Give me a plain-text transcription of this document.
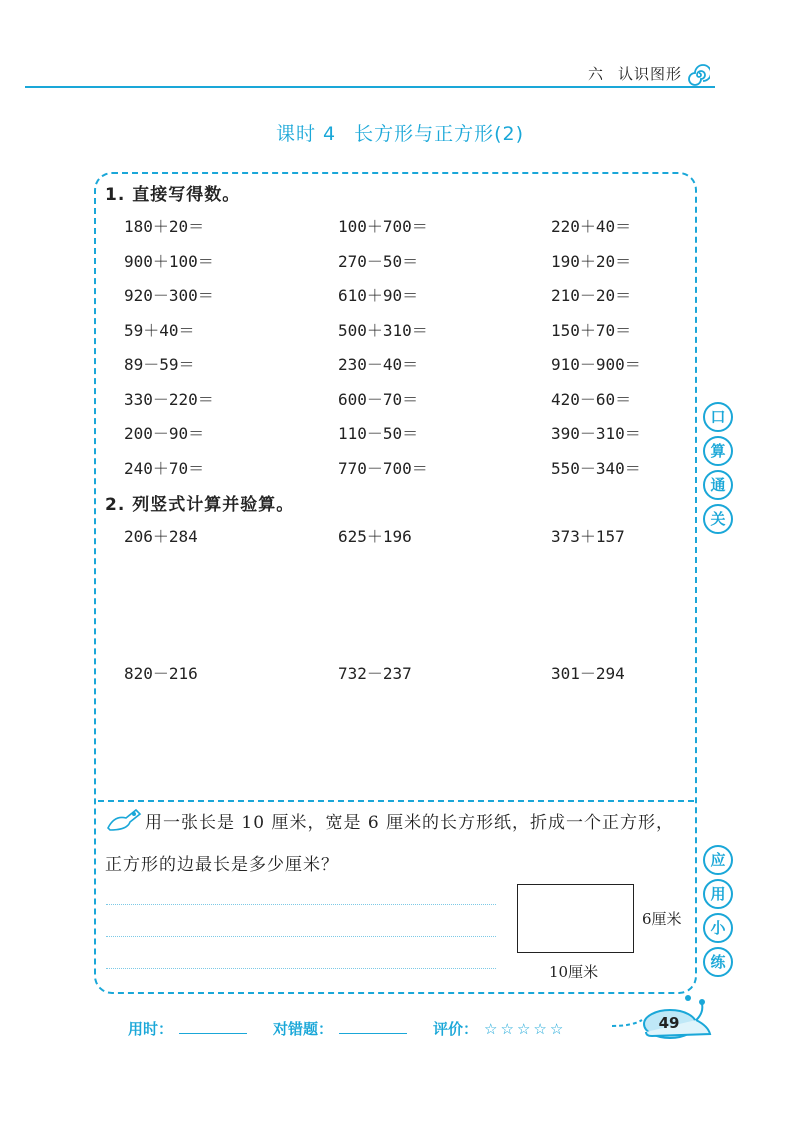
六 认识图形
课时 4 长方形与正方形(2)
1. 直接写得数。
180＋20＝	100＋700＝	220＋40＝
900＋100＝	270－50＝	190＋20＝
920－300＝	610＋90＝	210－20＝
59＋40＝	500＋310＝	150＋70＝
89－59＝	230－40＝	910－900＝
330－220＝	600－70＝	420－60＝
200－90＝	110－50＝	390－310＝
240＋70＝	770－700＝	550－340＝
2. 列竖式计算并验算。
206＋284	625＋196	373＋157
820－216	732－237	301－294
口
算
通
关
应
用
小
练
用一张长是 10 厘米，宽是 6 厘米的长方形纸，折成一个正方形，
正方形的边最长是多少厘米？
6厘米
10厘米
用时：	对错题：	评价： ☆☆☆☆☆	49
